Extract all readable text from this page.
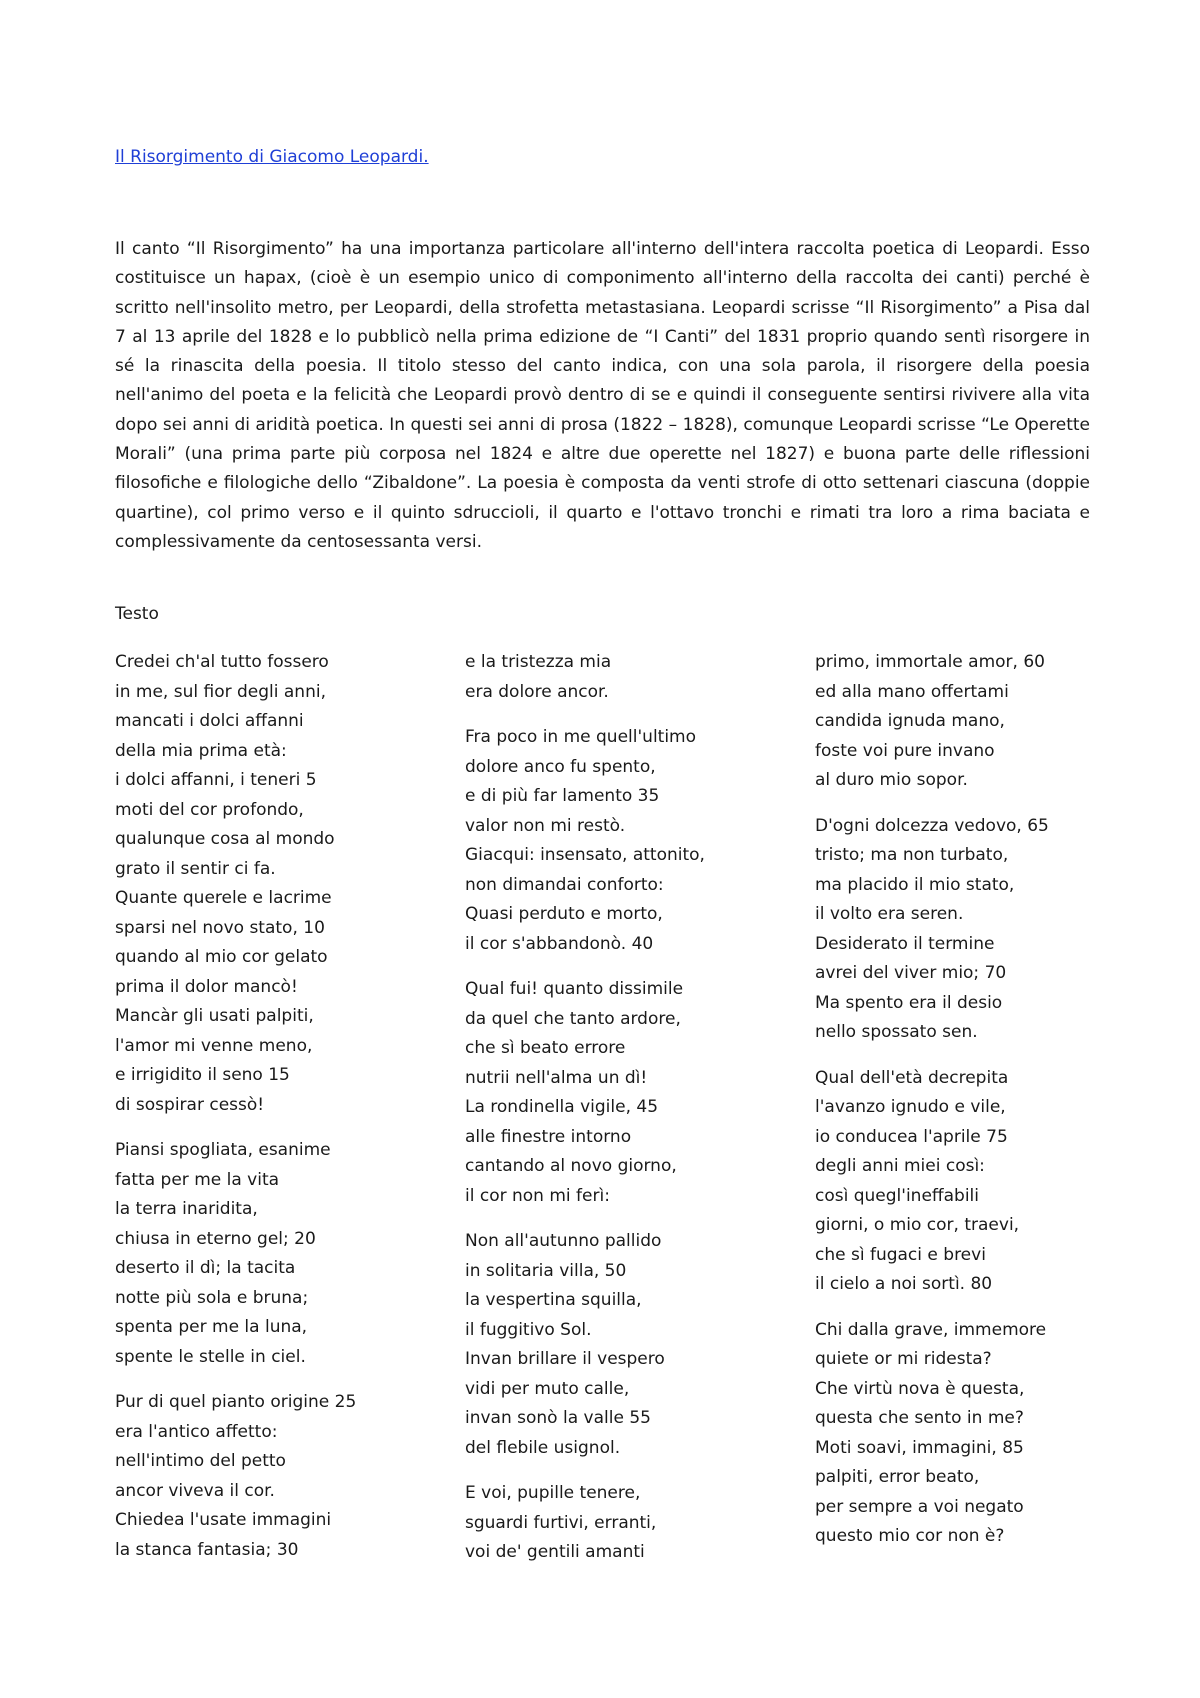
Il Risorgimento di Giacomo Leopardi.

Il canto “Il Risorgimento” ha una importanza particolare all'interno dell'intera raccolta poetica di Leopardi. Esso costituisce un hapax, (cioè è un esempio unico di componimento all'interno della raccolta dei canti) perché è scritto nell'insolito metro, per Leopardi, della strofetta metastasiana. Leopardi scrisse “Il Risorgimento” a Pisa dal 7 al 13 aprile del 1828 e lo pubblicò nella prima edizione de “I Canti” del 1831 proprio quando sentì risorgere in sé la rinascita della poesia. Il titolo stesso del canto indica, con una sola parola, il risorgere della poesia nell'animo del poeta e la felicità che Leopardi provò dentro di se e quindi il conseguente sentirsi rivivere alla vita dopo sei anni di aridità poetica. In questi sei anni di prosa (1822 – 1828), comunque Leopardi scrisse “Le Operette Morali” (una prima parte più corposa nel 1824 e altre due operette nel 1827) e buona parte delle riflessioni filosofiche e filologiche dello “Zibaldone”. La poesia è composta da venti strofe di otto settenari ciascuna (doppie quartine), col primo verso e il quinto sdruccioli, il quarto e l'ottavo tronchi e rimati tra loro a rima baciata e complessivamente da centosessanta versi.

Testo
Credei ch'al tutto fossero
in me, sul fior degli anni,
mancati i dolci affanni
della mia prima età:
i dolci affanni, i teneri 5
moti del cor profondo,
qualunque cosa al mondo
grato il sentir ci fa.
Quante querele e lacrime
sparsi nel novo stato, 10
quando al mio cor gelato
prima il dolor mancò!
Mancàr gli usati palpiti,
l'amor mi venne meno,
e irrigidito il seno 15
di sospirar cessò!
Piansi spogliata, esanime
fatta per me la vita
la terra inaridita,
chiusa in eterno gel; 20
deserto il dì; la tacita
notte più sola e bruna;
spenta per me la luna,
spente le stelle in ciel.
Pur di quel pianto origine 25
era l'antico affetto:
nell'intimo del petto
ancor viveva il cor.
Chiedea l'usate immagini
la stanca fantasia; 30
e la tristezza mia
era dolore ancor.
Fra poco in me quell'ultimo
dolore anco fu spento,
e di più far lamento 35
valor non mi restò.
Giacqui: insensato, attonito,
non dimandai conforto:
Quasi perduto e morto,
il cor s'abbandonò. 40
Qual fui! quanto dissimile
da quel che tanto ardore,
che sì beato errore
nutrii nell'alma un dì!
La rondinella vigile, 45
alle finestre intorno
cantando al novo giorno,
il cor non mi ferì:
Non all'autunno pallido
in solitaria villa, 50
la vespertina squilla,
il fuggitivo Sol.
Invan brillare il vespero
vidi per muto calle,
invan sonò la valle 55
del flebile usignol.
E voi, pupille tenere,
sguardi furtivi, erranti,
voi de' gentili amanti
primo, immortale amor, 60
ed alla mano offertami
candida ignuda mano,
foste voi pure invano
al duro mio sopor.
D'ogni dolcezza vedovo, 65
tristo; ma non turbato,
ma placido il mio stato,
il volto era seren.
Desiderato il termine
avrei del viver mio; 70
Ma spento era il desio
nello spossato sen.
Qual dell'età decrepita
l'avanzo ignudo e vile,
io conducea l'aprile 75
degli anni miei così:
così quegl'ineffabili
giorni, o mio cor, traevi,
che sì fugaci e brevi
il cielo a noi sortì. 80
Chi dalla grave, immemore
quiete or mi ridesta?
Che virtù nova è questa,
questa che sento in me?
Moti soavi, immagini, 85
palpiti, error beato,
per sempre a voi negato
questo mio cor non è?
